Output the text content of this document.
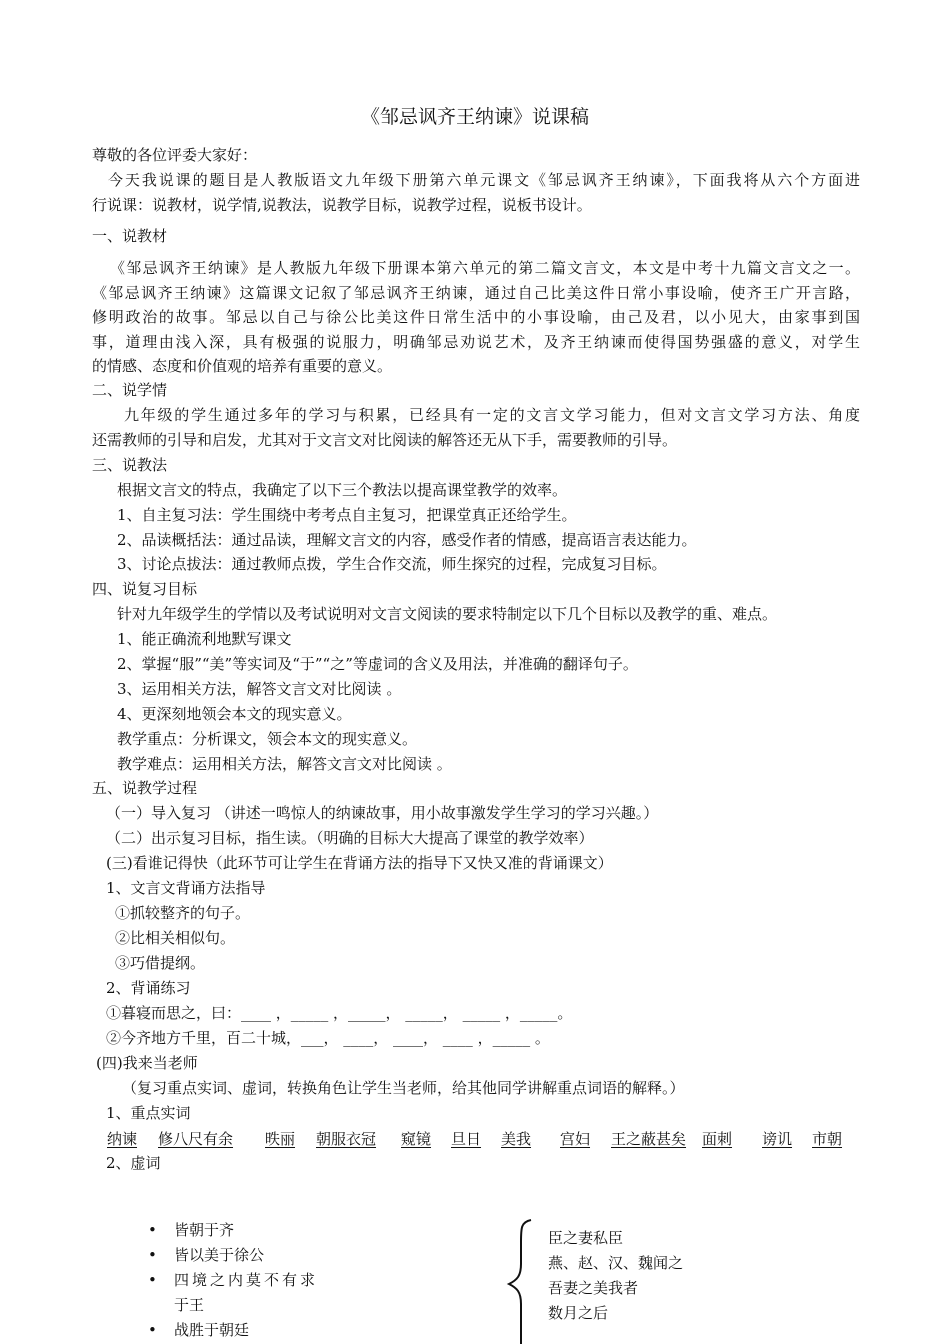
《邹忌讽齐王纳谏》说课稿
尊敬的各位评委大家好：
今天我说课的题目是人教版语文九年级下册第六单元课文《邹忌讽齐王纳谏》，下面我将从六个方面进
行说课：说教材，说学情,说教法，说教学目标，说教学过程，说板书设计。
一、说教材
《邹忌讽齐王纳谏》是人教版九年级下册课本第六单元的第二篇文言文，本文是中考十九篇文言文之一。
《邹忌讽齐王纳谏》这篇课文记叙了邹忌讽齐王纳谏，通过自己比美这件日常小事设喻，使齐王广开言路，
修明政治的故事。邹忌以自己与徐公比美这件日常生活中的小事设喻，由己及君，以小见大，由家事到国
事，道理由浅入深，具有极强的说服力，明确邹忌劝说艺术，及齐王纳谏而使得国势强盛的意义，对学生
的情感、态度和价值观的培养有重要的意义。
二、说学情
九年级的学生通过多年的学习与积累，已经具有一定的文言文学习能力，但对文言文学习方法、角度
还需教师的引导和启发，尤其对于文言文对比阅读的解答还无从下手，需要教师的引导。
三、说教法
根据文言文的特点，我确定了以下三个教法以提高课堂教学的效率。
1、自主复习法：学生围绕中考考点自主复习，把课堂真正还给学生。
2、品读概括法：通过品读，理解文言文的内容，感受作者的情感，提高语言表达能力。
3、讨论点拔法：通过教师点拨，学生合作交流，师生探究的过程，完成复习目标。
四、说复习目标
针对九年级学生的学情以及考试说明对文言文阅读的要求特制定以下几个目标以及教学的重、难点。
1、能正确流利地默写课文
2、掌握“服”“美”等实词及“于”“之”等虚词的含义及用法，并准确的翻译句子。
3、运用相关方法，解答文言文对比阅读 。
4、更深刻地领会本文的现实意义。
教学重点：分析课文，领会本文的现实意义。
教学难点：运用相关方法，解答文言文对比阅读 。
五、说教学过程
（一）导入复习 （讲述一鸣惊人的纳谏故事，用小故事激发学生学习的学习兴趣。）
（二）出示复习目标，指生读。（明确的目标大大提高了课堂的教学效率）
(三)看谁记得快（此环节可让学生在背诵方法的指导下又快又准的背诵课文）
1、文言文背诵方法指导
①抓较整齐的句子。
②比相关相似句。
③巧借提纲。
2、背诵练习
①暮寝而思之，曰：____ ，_____ ，_____， _____， _____ ，_____。
②今齐地方千里，百二十城，___， ____， ____， ____ ，_____ 。
(四)我来当老师
（复习重点实词、虚词，转换角色让学生当老师，给其他同学讲解重点词语的解释。）
1、重点实词
纳谏 修八尺有余 昳丽 朝服衣冠 窥镜 旦日 美我 宫妇 王之蔽甚矣 面刺 谤讥 市朝
2、虚词
• 皆朝于齐
• 皆以美于徐公
• 四境之内莫不有求
于王
• 战胜于朝廷
臣之妻私臣
燕、赵、汉、魏闻之
吾妻之美我者
数月之后
